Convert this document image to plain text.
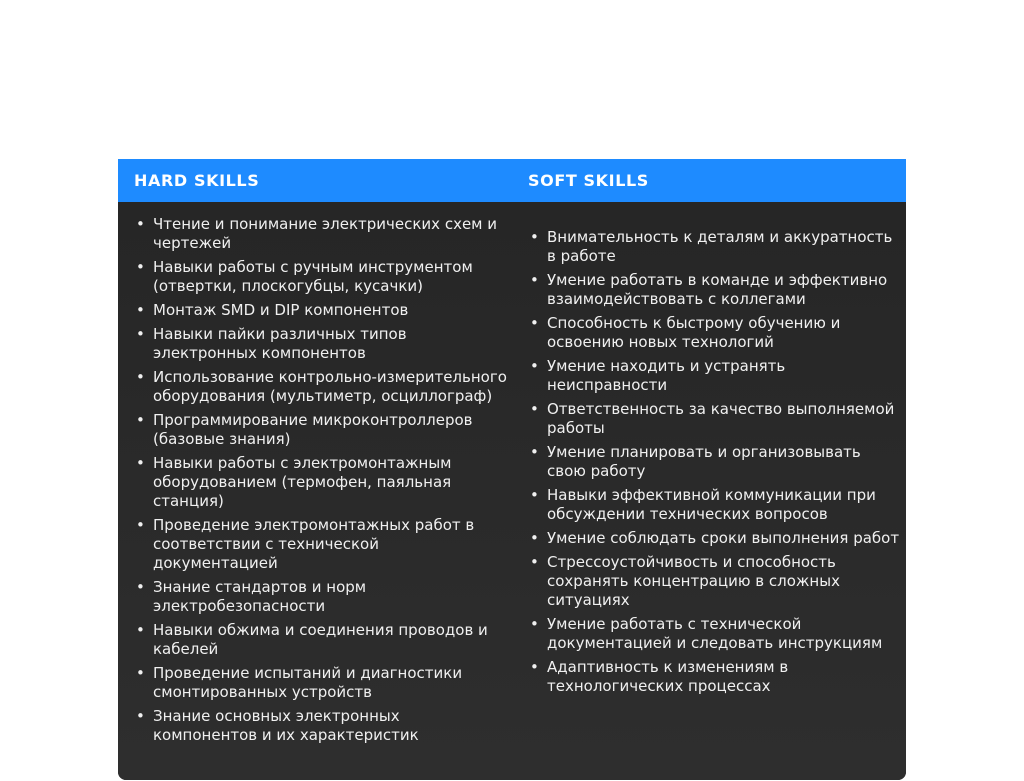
HARD SKILLS	SOFT SKILLS
• Чтение и понимание электрических схем и чертежей
• Навыки работы с ручным инструментом (отвертки, плоскогубцы, кусачки)
• Монтаж SMD и DIP компонентов
• Навыки пайки различных типов электронных компонентов
• Использование контрольно-измерительного оборудования (мультиметр, осциллограф)
• Программирование микроконтроллеров (базовые знания)
• Навыки работы с электромонтажным оборудованием (термофен, паяльная станция)
• Проведение электромонтажных работ в соответствии с технической документацией
• Знание стандартов и норм электробезопасности
• Навыки обжима и соединения проводов и кабелей
• Проведение испытаний и диагностики смонтированных устройств
• Знание основных электронных компонентов и их характеристик
• Внимательность к деталям и аккуратность в работе
• Умение работать в команде и эффективно взаимодействовать с коллегами
• Способность к быстрому обучению и освоению новых технологий
• Умение находить и устранять неисправности
• Ответственность за качество выполняемой работы
• Умение планировать и организовывать свою работу
• Навыки эффективной коммуникации при обсуждении технических вопросов
• Умение соблюдать сроки выполнения работ
• Стрессоустойчивость и способность сохранять концентрацию в сложных ситуациях
• Умение работать с технической документацией и следовать инструкциям
• Адаптивность к изменениям в технологических процессах
